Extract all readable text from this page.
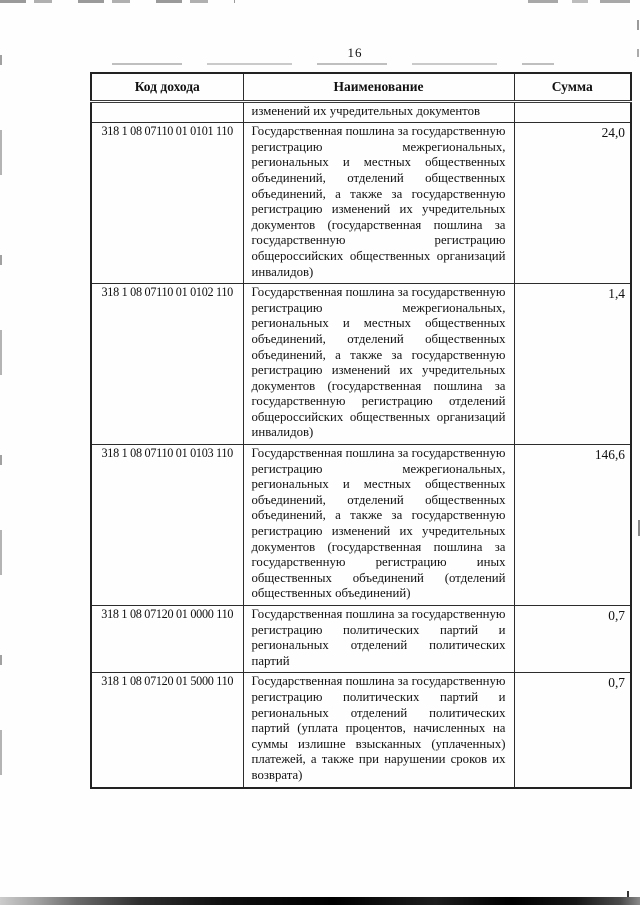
16
Код дохода	Наименование	Сумма
	изменений их учредительных документов	
318 1 08 07110 01 0101 110	Государственная пошлина за государственную регистрацию межрегиональных, региональных и местных общественных объединений, отделений общественных объединений, а также за государственную регистрацию изменений их учредительных документов (государственная пошлина за государственную регистрацию общероссийских общественных организаций инвалидов)	24,0
318 1 08 07110 01 0102 110	Государственная пошлина за государственную регистрацию межрегиональных, региональных и местных общественных объединений, отделений общественных объединений, а также за государственную регистрацию изменений их учредительных документов (государственная пошлина за государственную регистрацию отделений общероссийских общественных организаций инвалидов)	1,4
318 1 08 07110 01 0103 110	Государственная пошлина за государственную регистрацию межрегиональных, региональных и местных общественных объединений, отделений общественных объединений, а также за государственную регистрацию изменений их учредительных документов (государственная пошлина за государственную регистрацию иных общественных объединений (отделений общественных объединений)	146,6
318 1 08 07120 01 0000 110	Государственная пошлина за государственную регистрацию политических партий и региональных отделений политических партий	0,7
318 1 08 07120 01 5000 110	Государственная пошлина за государственную регистрацию политических партий и региональных отделений политических партий (уплата процентов, начисленных на суммы излишне взысканных (уплаченных) платежей, а также при нарушении сроков их возврата)	0,7
